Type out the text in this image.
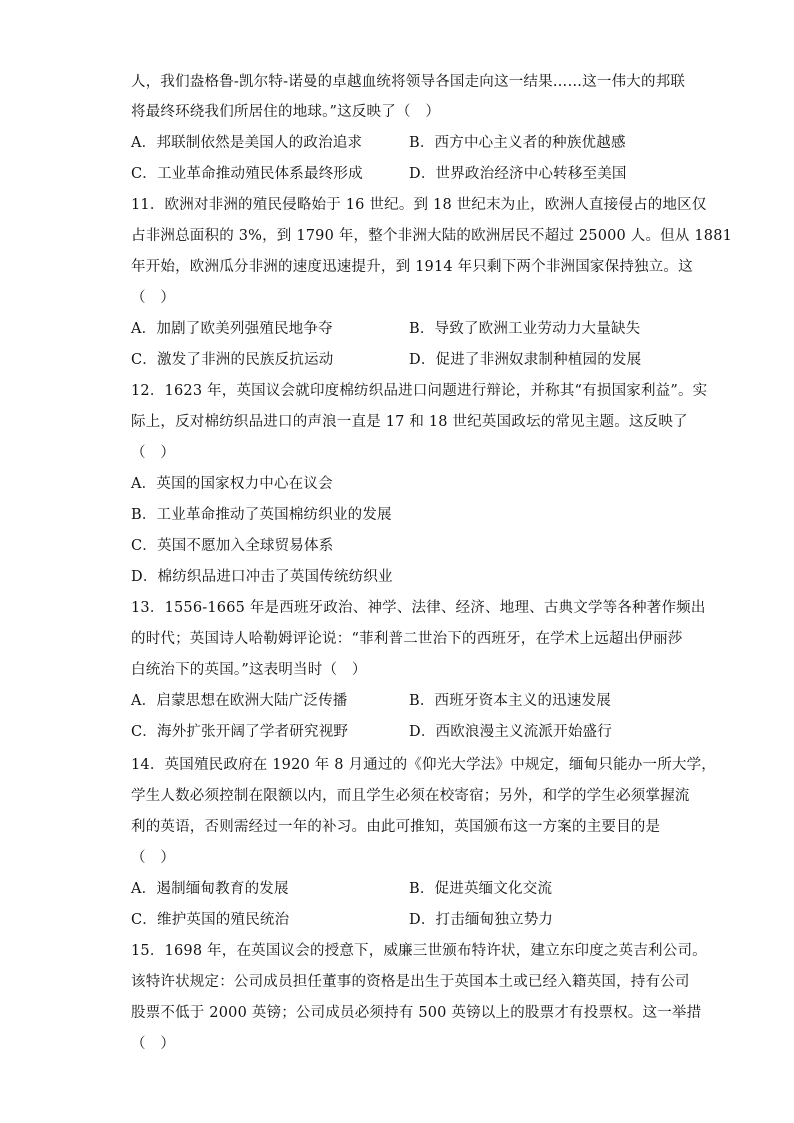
人，我们盎格鲁-凯尔特-诺曼的卓越血统将领导各国走向这一结果……这一伟大的邦联
将最终环绕我们所居住的地球。”这反映了（　）
A．邦联制依然是美国人的政治追求	B．西方中心主义者的种族优越感
C．工业革命推动殖民体系最终形成	D．世界政治经济中心转移至美国
11．欧洲对非洲的殖民侵略始于 16 世纪。到 18 世纪末为止，欧洲人直接侵占的地区仅
占非洲总面积的 3%，到 1790 年，整个非洲大陆的欧洲居民不超过 25000 人。但从 1881
年开始，欧洲瓜分非洲的速度迅速提升，到 1914 年只剩下两个非洲国家保持独立。这
（　）
A．加剧了欧美列强殖民地争夺	B．导致了欧洲工业劳动力大量缺失
C．激发了非洲的民族反抗运动	D．促进了非洲奴隶制种植园的发展
12．1623 年，英国议会就印度棉纺织品进口问题进行辩论，并称其“有损国家利益”。实
际上，反对棉纺织品进口的声浪一直是 17 和 18 世纪英国政坛的常见主题。这反映了
（　）
A．英国的国家权力中心在议会
B．工业革命推动了英国棉纺织业的发展
C．英国不愿加入全球贸易体系
D．棉纺织品进口冲击了英国传统纺织业
13．1556-1665 年是西班牙政治、神学、法律、经济、地理、古典文学等各种著作频出
的时代；英国诗人哈勒姆评论说：“菲利普二世治下的西班牙，在学术上远超出伊丽莎
白统治下的英国。”这表明当时（　）
A．启蒙思想在欧洲大陆广泛传播	B．西班牙资本主义的迅速发展
C．海外扩张开阔了学者研究视野	D．西欧浪漫主义流派开始盛行
14．英国殖民政府在 1920 年 8 月通过的《仰光大学法》中规定，缅甸只能办一所大学，
学生人数必须控制在限额以内，而且学生必须在校寄宿；另外，和学的学生必须掌握流
利的英语，否则需经过一年的补习。由此可推知，英国颁布这一方案的主要目的是
（　）
A．遏制缅甸教育的发展	B．促进英缅文化交流
C．维护英国的殖民统治	D．打击缅甸独立势力
15．1698 年，在英国议会的授意下，威廉三世颁布特许状，建立东印度之英吉利公司。
该特许状规定：公司成员担任董事的资格是出生于英国本土或已经入籍英国，持有公司
股票不低于 2000 英镑；公司成员必须持有 500 英镑以上的股票才有投票权。这一举措
（　）
